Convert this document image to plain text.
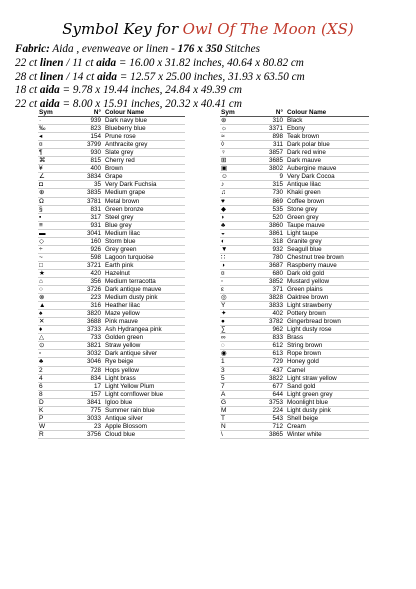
Symbol Key for Owl Of The Moon (XS)
Fabric: Aida , evenweave or linen - 176 x 350 Stitches
22 ct linen / 11 ct aida = 16.00 x 31.82 inches, 40.64 x 80.82 cm
28 ct linen / 14 ct aida = 12.57 x 25.00 inches, 31.93 x 63.50 cm
18 ct aida = 9.78 x 19.44 inches, 24.84 x 49.39 cm
22 ct aida = 8.00 x 15.91 inches, 20.32 x 40.41 cm
Sym	N°	Colour Name
·	939	Dark navy blue
‰	823	Blueberry blue
◂	154	Prune rose
¤	3799	Anthracite grey
¶	930	Slate grey
⌘	815	Cherry red
¥	400	Brown
∠	3834	Grape
◘	35	Very Dark Fuchsia
⊕	3835	Medium grape
Ω	3781	Metal brown
§	831	Green bronze
▪	317	Steel grey
≡	931	Blue grey
▬	3041	Medium lilac
◇	160	Storm blue
÷	926	Grey green
~	598	Lagoon turquoise
□	3721	Earth pink
★	420	Hazelnut
⌂	356	Medium terracotta
○	3726	Dark antique mauve
⊗	223	Medium dusty pink
▲	316	Heather lilac
♠	3820	Maze yellow
✕	3688	Pink mauve
♦	3733	Ash Hydrangea pink
△	733	Golden green
⊙	3821	Straw yellow
▫	3032	Dark antique silver
♣	3046	Rye beige
2	728	Hops yellow
4	834	Light brass
6	17	Light Yellow Plum
8	157	Light cornflower blue
D	3841	Igloo blue
K	775	Summer rain blue
P	3033	Antique silver
W	23	Apple Blossom
R	3756	Cloud blue
Sym	N°	Colour Name
⊛	310	Black
☼	3371	Ebony
≈	898	Teak brown
◊	311	Dark polar blue
♀	3857	Dark red wine
⊞	3685	Dark mauve
▣	3802	Aubergine mauve
☺	9	Very Dark Cocoa
♪	315	Antique lilac
♫	730	Khaki green
♥	869	Coffee brown
◆	535	Stone grey
◗	520	Green grey
♣	3860	Taupe mauve
◒	3861	Light taupe
◐	318	Granite grey
▼	932	Seagull blue
∷	780	Chestnut tree brown
◑	3687	Raspberry mauve
¤	680	Dark old gold
◦	3852	Mustard yellow
ε	371	Green plains
◎	3828	Oaktree brown
Ÿ	3833	Light strawberry
✦	402	Pottery brown
●	3782	Gingerbread brown
∑	962	Light dusty rose
∞	833	Brass
◌	612	String brown
◉	613	Rope brown
1	729	Honey gold
3	437	Camel
5	3822	Light straw yellow
7	677	Sand gold
A	644	Light green grey
G	3753	Moonlight blue
M	224	Light dusty pink
T	543	Shell beige
N	712	Cream
\	3865	Winter white
